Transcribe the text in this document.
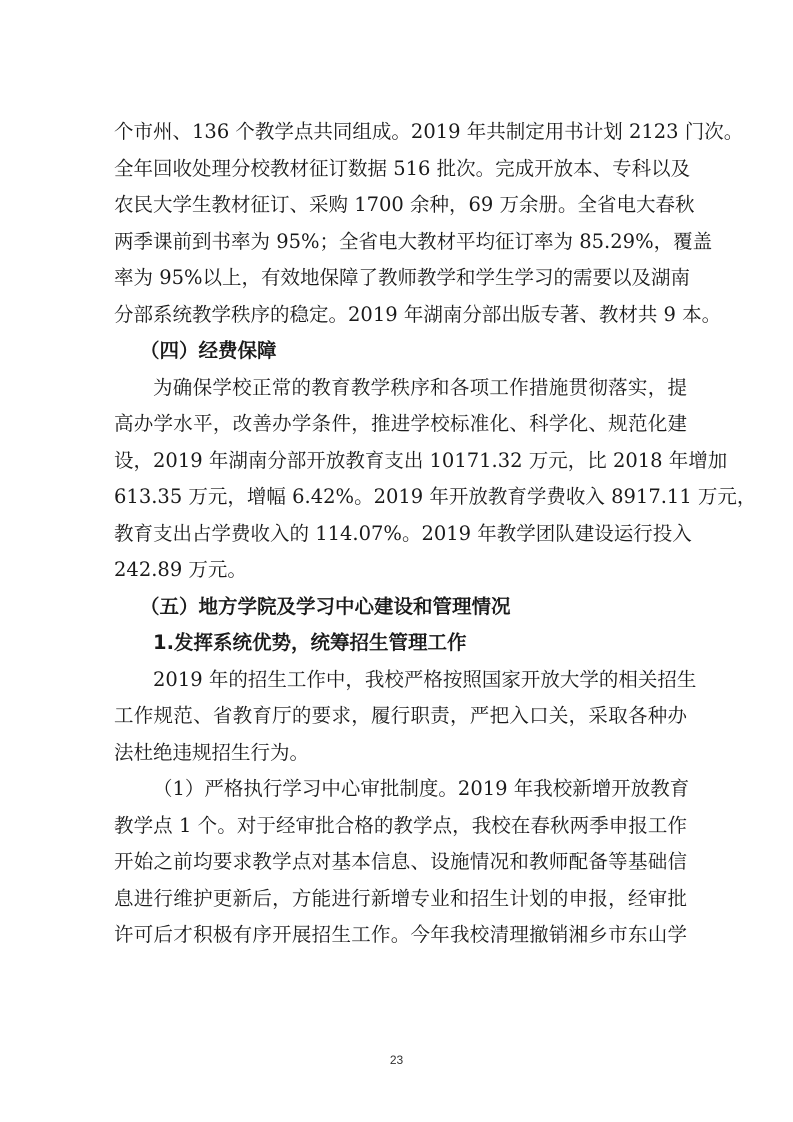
个市州、136 个教学点共同组成。2019 年共制定用书计划 2123 门次。
全年回收处理分校教材征订数据 516 批次。完成开放本、专科以及
农民大学生教材征订、采购 1700 余种，69 万余册。全省电大春秋
两季课前到书率为 95%；全省电大教材平均征订率为 85.29%，覆盖
率为 95%以上，有效地保障了教师教学和学生学习的需要以及湖南
分部系统教学秩序的稳定。2019 年湖南分部出版专著、教材共 9 本。
（四）经费保障
为确保学校正常的教育教学秩序和各项工作措施贯彻落实，提
高办学水平，改善办学条件，推进学校标准化、科学化、规范化建
设，2019 年湖南分部开放教育支出 10171.32 万元，比 2018 年增加
613.35 万元，增幅 6.42%。2019 年开放教育学费收入 8917.11 万元，
教育支出占学费收入的 114.07%。2019 年教学团队建设运行投入
242.89 万元。
（五）地方学院及学习中心建设和管理情况
1.发挥系统优势，统筹招生管理工作
2019 年的招生工作中，我校严格按照国家开放大学的相关招生
工作规范、省教育厅的要求，履行职责，严把入口关，采取各种办
法杜绝违规招生行为。
（1）严格执行学习中心审批制度。2019 年我校新增开放教育
教学点 1 个。对于经审批合格的教学点，我校在春秋两季申报工作
开始之前均要求教学点对基本信息、设施情况和教师配备等基础信
息进行维护更新后，方能进行新增专业和招生计划的申报，经审批
许可后才积极有序开展招生工作。今年我校清理撤销湘乡市东山学
23
